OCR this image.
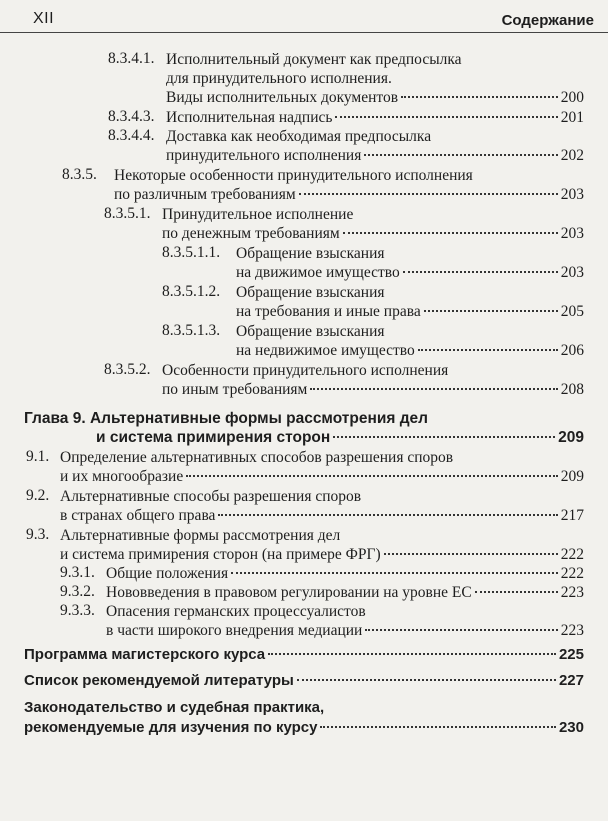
XII	Содержание
8.3.4.1. Исполнительный документ как предпосылка
для принудительного исполнения.
Виды исполнительных документов	200
8.3.4.3. Исполнительная надпись	201
8.3.4.4. Доставка как необходимая предпосылка
принудительного исполнения	202
8.3.5. Некоторые особенности принудительного исполнения
по различным требованиям	203
8.3.5.1. Принудительное исполнение
по денежным требованиям	203
8.3.5.1.1. Обращение взыскания
на движимое имущество	203
8.3.5.1.2. Обращение взыскания
на требования и иные права	205
8.3.5.1.3. Обращение взыскания
на недвижимое имущество	206
8.3.5.2. Особенности принудительного исполнения
по иным требованиям	208
Глава 9. Альтернативные формы рассмотрения дел
и система примирения сторон	209
9.1. Определение альтернативных способов разрешения споров
и их многообразие	209
9.2. Альтернативные способы разрешения споров
в странах общего права	217
9.3. Альтернативные формы рассмотрения дел
и система примирения сторон (на примере ФРГ)	222
9.3.1. Общие положения	222
9.3.2. Нововведения в правовом регулировании на уровне ЕС	223
9.3.3. Опасения германских процессуалистов
в части широкого внедрения медиации	223
Программа магистерского курса	225
Список рекомендуемой литературы	227
Законодательство и судебная практика,
рекомендуемые для изучения по курсу	230
